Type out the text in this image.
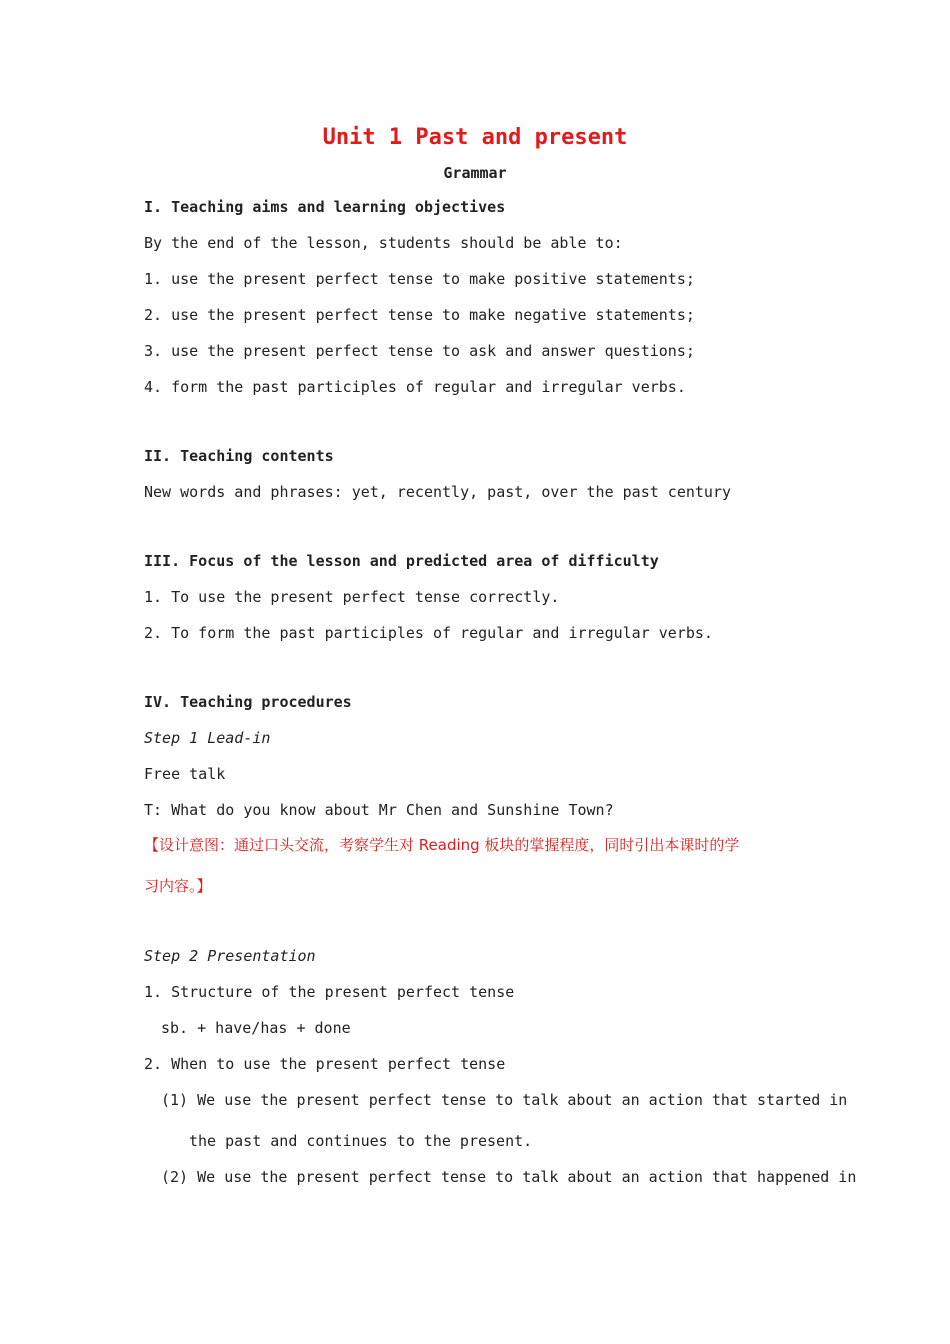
Unit 1 Past and present
Grammar
I. Teaching aims and learning objectives
By the end of the lesson, students should be able to:
1. use the present perfect tense to make positive statements;
2. use the present perfect tense to make negative statements;
3. use the present perfect tense to ask and answer questions;
4. form the past participles of regular and irregular verbs.
II. Teaching contents
New words and phrases: yet, recently, past, over the past century
III. Focus of the lesson and predicted area of difficulty
1. To use the present perfect tense correctly.
2. To form the past participles of regular and irregular verbs.
IV. Teaching procedures
Step 1 Lead-in
Free talk
T: What do you know about Mr Chen and Sunshine Town?
【设计意图：通过口头交流，考察学生对 Reading 板块的掌握程度，同时引出本课时的学
习内容。】
Step 2 Presentation
1. Structure of the present perfect tense
sb. + have/has + done
2. When to use the present perfect tense
(1) We use the present perfect tense to talk about an action that started in
the past and continues to the present.
(2) We use the present perfect tense to talk about an action that happened in
